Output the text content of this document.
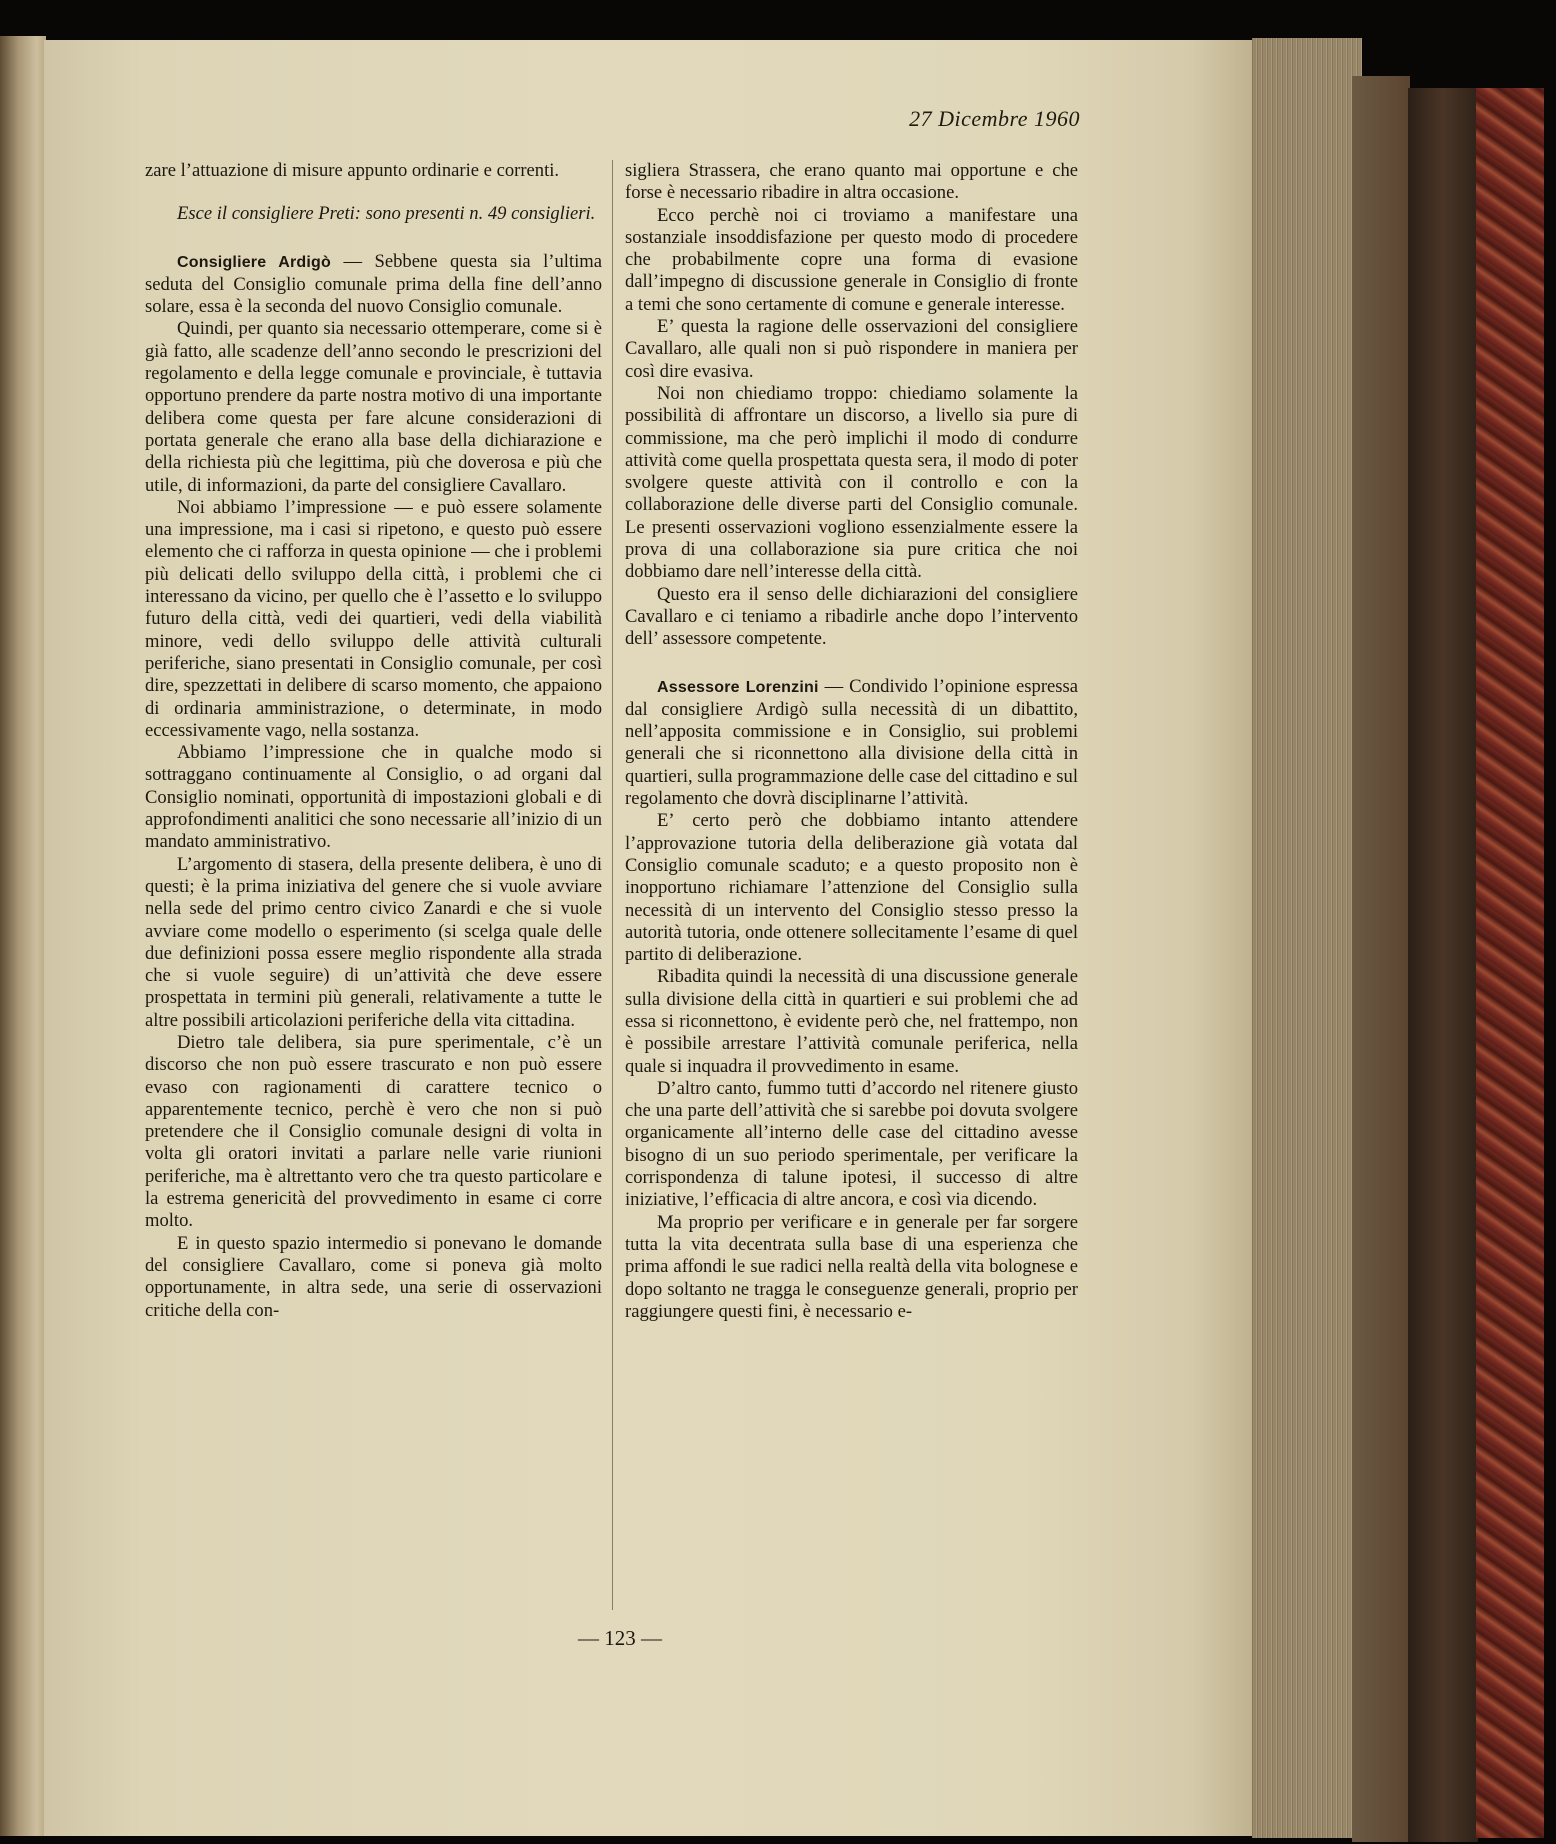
27 Dicembre 1960

zare l’attuazione di misure appunto ordinarie e correnti.

Esce il consigliere Preti: sono presenti n. 49 consiglieri.

Consigliere Ardigò — Sebbene questa sia l’ultima seduta del Consiglio comunale prima della fine dell’anno solare, essa è la seconda del nuovo Consiglio comunale.

Quindi, per quanto sia necessario ottemperare, come si è già fatto, alle scadenze dell’anno secondo le prescrizioni del regolamento e della legge comunale e provinciale, è tuttavia opportuno prendere da parte nostra motivo di una importante delibera come questa per fare alcune considerazioni di portata generale che erano alla base della dichiarazione e della richiesta più che legittima, più che doverosa e più che utile, di informazioni, da parte del consigliere Cavallaro.

Noi abbiamo l’impressione — e può essere solamente una impressione, ma i casi si ripetono, e questo può essere elemento che ci rafforza in questa opinione — che i problemi più delicati dello sviluppo della città, i problemi che ci interessano da vicino, per quello che è l’assetto e lo sviluppo futuro della città, vedi dei quartieri, vedi della viabilità minore, vedi dello sviluppo delle attività culturali periferiche, siano presentati in Consiglio comunale, per così dire, spezzettati in delibere di scarso momento, che appaiono di ordinaria amministrazione, o determinate, in modo eccessivamente vago, nella sostanza.

Abbiamo l’impressione che in qualche modo si sottraggano continuamente al Consiglio, o ad organi dal Consiglio nominati, opportunità di impostazioni globali e di approfondimenti analitici che sono necessarie all’inizio di un mandato amministrativo.

L’argomento di stasera, della presente delibera, è uno di questi; è la prima iniziativa del genere che si vuole avviare nella sede del primo centro civico Zanardi e che si vuole avviare come modello o esperimento (si scelga quale delle due definizioni possa essere meglio rispondente alla strada che si vuole seguire) di un’attività che deve essere prospettata in termini più generali, relativamente a tutte le altre possibili articolazioni periferiche della vita cittadina.

Dietro tale delibera, sia pure sperimentale, c’è un discorso che non può essere trascurato e non può essere evaso con ragionamenti di carattere tecnico o apparentemente tecnico, perchè è vero che non si può pretendere che il Consiglio comunale designi di volta in volta gli oratori invitati a parlare nelle varie riunioni periferiche, ma è altrettanto vero che tra questo particolare e la estrema genericità del provvedimento in esame ci corre molto.

E in questo spazio intermedio si ponevano le domande del consigliere Cavallaro, come si poneva già molto opportunamente, in altra sede, una serie di osservazioni critiche della con-

sigliera Strassera, che erano quanto mai opportune e che forse è necessario ribadire in altra occasione.

Ecco perchè noi ci troviamo a manifestare una sostanziale insoddisfazione per questo modo di procedere che probabilmente copre una forma di evasione dall’impegno di discussione generale in Consiglio di fronte a temi che sono certamente di comune e generale interesse.

E’ questa la ragione delle osservazioni del consigliere Cavallaro, alle quali non si può rispondere in maniera per così dire evasiva.

Noi non chiediamo troppo: chiediamo solamente la possibilità di affrontare un discorso, a livello sia pure di commissione, ma che però implichi il modo di condurre attività come quella prospettata questa sera, il modo di poter svolgere queste attività con il controllo e con la collaborazione delle diverse parti del Consiglio comunale. Le presenti osservazioni vogliono essenzialmente essere la prova di una collaborazione sia pure critica che noi dobbiamo dare nell’interesse della città.

Questo era il senso delle dichiarazioni del consigliere Cavallaro e ci teniamo a ribadirle anche dopo l’intervento dell’ assessore competente.

Assessore Lorenzini — Condivido l’opinione espressa dal consigliere Ardigò sulla necessità di un dibattito, nell’apposita commissione e in Consiglio, sui problemi generali che si riconnettono alla divisione della città in quartieri, sulla programmazione delle case del cittadino e sul regolamento che dovrà disciplinarne l’attività.

E’ certo però che dobbiamo intanto attendere l’approvazione tutoria della deliberazione già votata dal Consiglio comunale scaduto; e a questo proposito non è inopportuno richiamare l’attenzione del Consiglio sulla necessità di un intervento del Consiglio stesso presso la autorità tutoria, onde ottenere sollecitamente l’esame di quel partito di deliberazione.

Ribadita quindi la necessità di una discussione generale sulla divisione della città in quartieri e sui problemi che ad essa si riconnettono, è evidente però che, nel frattempo, non è possibile arrestare l’attività comunale periferica, nella quale si inquadra il provvedimento in esame.

D’altro canto, fummo tutti d’accordo nel ritenere giusto che una parte dell’attività che si sarebbe poi dovuta svolgere organicamente all’interno delle case del cittadino avesse bisogno di un suo periodo sperimentale, per verificare la corrispondenza di talune ipotesi, il successo di altre iniziative, l’efficacia di altre ancora, e così via dicendo.

Ma proprio per verificare e in generale per far sorgere tutta la vita decentrata sulla base di una esperienza che prima affondi le sue radici nella realtà della vita bolognese e dopo soltanto ne tragga le conseguenze generali, proprio per raggiungere questi fini, è necessario e-

— 123 —
